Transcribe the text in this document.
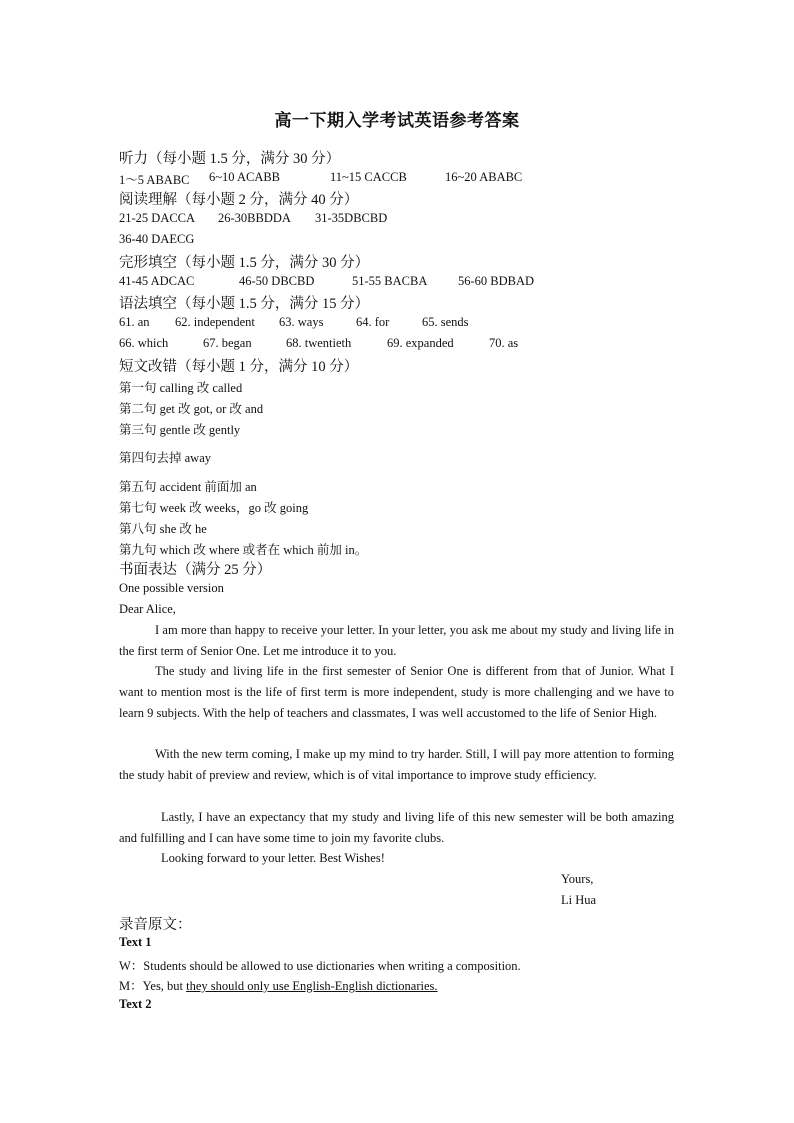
高一下期入学考试英语参考答案
听力（每小题 1.5 分，满分 30 分）
1～5 ABABC 6~10 ACABB	11~15 CACCB	16~20 ABABC
阅读理解（每小题 2 分，满分 40 分）
21-25 DACCA 26-30BBDDA 31-35DBCBD
36-40 DAECG
完形填空（每小题 1.5 分，满分 30 分）
41-45 ADCAC	46-50 DBCBD	51-55 BACBA 56-60 BDBAD
语法填空（每小题 1.5 分，满分 15 分）
61. an 62. independent 63. ways	64. for	65. sends
66. which	67. began	68. twentieth	69. expanded	70. as
短文改错（每小题 1 分，满分 10 分）
第一句 calling 改 called
第二句 get 改 got, or 改 and
第三句 gentle 改 gently
第四句去掉 away
第五句 accident 前面加 an
第七句 week 改 weeks，go 改 going
第八句 she 改 he
第九句 which 改 where 或者在 which 前加 in。
书面表达（满分 25 分）
One possible version
Dear Alice,
I am more than happy to receive your letter. In your letter, you ask me about my study and living life in the first term of Senior One. Let me introduce it to you.
The study and living life in the first semester of Senior One is different from that of Junior. What I want to mention most is the life of first term is more independent, study is more challenging and we have to learn 9 subjects. With the help of teachers and classmates, I was well accustomed to the life of Senior High.
With the new term coming, I make up my mind to try harder. Still, I will pay more attention to forming the study habit of preview and review, which is of vital importance to improve study efficiency.
Lastly, I have an expectancy that my study and living life of this new semester will be both amazing and fulfilling and I can have some time to join my favorite clubs.
Looking forward to your letter. Best Wishes!
Yours,
Li Hua
录音原文：
Text 1
W：Students should be allowed to use dictionaries when writing a composition.
M：Yes, but they should only use English-English dictionaries.
Text 2
